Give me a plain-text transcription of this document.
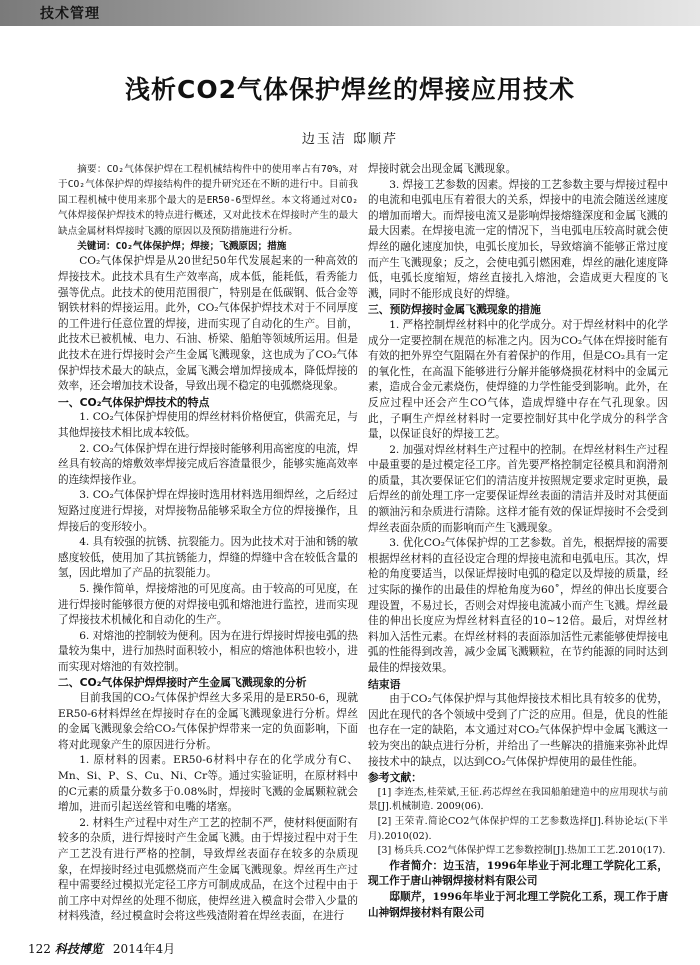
技术管理
浅析CO2气体保护焊丝的焊接应用技术
边玉洁 邸顺芹

摘要：CO₂气体保护焊在工程机械结构件中的使用率占有70%，对于CO₂气体保护焊的焊接结构件的提升研究还在不断的进行中。目前我国工程机械中使用来那个最大的是ER50-6型焊丝。本文将通过对CO₂气体焊接保护焊技术的特点进行概述，又对此技术在焊接时产生的最大缺点金属材料焊接时飞溅的原因以及预防措施进行分析。

关键词：CO₂气体保护焊；焊接；飞溅原因；措施

CO₂气体保护焊是从20世纪50年代发展起来的一种高效的焊接技术。此技术具有生产效率高，成本低，能耗低，看秀能力强等优点。此技术的使用范围很广，特别是在低碳钢、低合金等钢铁材料的焊接运用。此外，CO₂气体保护焊技术对于不同厚度的工件进行任意位置的焊接，进而实现了自动化的生产。目前，此技术已被机械、电力、石油、桥梁、船舶等领域所运用。但是此技术在进行焊接时会产生金属飞溅现象，这也成为了CO₂气体保护焊技术最大的缺点，金属飞溅会增加焊接成本，降低焊接的效率，还会增加技术设备，导致出现不稳定的电弧燃烧现象。

一、CO₂气体保护焊技术的特点

1. CO₂气体保护焊使用的焊丝材料价格便宜，供需充足，与其他焊接技术相比成本较低。

2. CO₂气体保护焊在进行焊接时能够利用高密度的电流，焊丝具有较高的熔敷效率焊接完成后容渣量很少，能够实施高效率的连续焊接作业。

3. CO₂气体保护焊在焊接时选用材料选用细焊丝，之后经过短路过度进行焊接，对焊接物品能够采取全方位的焊接操作，且焊接后的变形较小。

4. 具有较强的抗锈、抗裂能力。因为此技术对于油和锈的敏感度较低，使用加了其抗锈能力，焊缝的焊缝中含在较低含量的氢，因此增加了产品的抗裂能力。

5. 操作简单，焊接熔池的可见度高。由于较高的可见度，在进行焊接时能够很方便的对焊接电弧和熔池进行监控，进而实现了焊接技术机械化和自动化的生产。

6. 对熔池的控制较为便利。因为在进行焊接时焊接电弧的热量较为集中，进行加热时面积较小，相应的熔池体积也较小，进而实现对熔池的有效控制。

二、CO₂气体保护焊焊接时产生金属飞溅现象的分析

目前我国的CO₂气体保护焊丝大多采用的是ER50-6，现就ER50-6材料焊丝在焊接时存在的金属飞溅现象进行分析。焊丝的金属飞溅现象会给CO₂气体保护焊带来一定的负面影响，下面将对此现象产生的原因进行分析。

1. 原材料的因素。ER50-6材料中存在的化学成分有C、Mn、Si、P、S、Cu、Ni、Cr等。通过实验证明，在原材料中的C元素的质量分数多于0.08%时，焊接时飞溅的金属颗粒就会增加，进而引起送丝管和电嘴的堵塞。

2. 材料生产过程中对生产工艺的控制不严，使材料便面附有较多的杂质，进行焊接时产生金属飞溅。由于焊接过程中对于生产工艺没有进行严格的控制，导致焊丝表面存在较多的杂质现象，在焊接时经过电弧燃烧而产生金属飞溅现象。焊丝再生产过程中需要经过模拟光定径工序方可制成成品，在这个过程中由于前工序中对焊丝的处理不彻底，使焊丝进入模盒时会带入少量的材料残渣，经过模盒时会将这些残渣附着在焊丝表面，在进行

焊接时就会出现金属飞溅现象。

3. 焊接工艺参数的因素。焊接的工艺参数主要与焊接过程中的电流和电弧电压有着很大的关系，焊接中的电流会随送丝速度的增加而增大。而焊接电流又是影响焊接熔缝深度和金属飞溅的最大因素。在焊接电流一定的情况下，当电弧电压较高时就会使焊丝的融化速度加快，电弧长度加长，导致熔滴不能够正常过度而产生飞溅现象；反之，会使电弧引燃困难，焊丝的融化速度降低，电弧长度缩短，熔丝直接扎入熔池，会造成更大程度的飞溅，同时不能形成良好的焊缝。

三、预防焊接时金属飞溅现象的措施

1. 严格控制焊丝材料中的化学成分。对于焊丝材料中的化学成分一定要控制在规范的标准之内。因为CO₂气体在焊接时能有有效的把外界空气阻隔在外有着保护的作用，但是CO₂具有一定的氧化性，在高温下能够进行分解并能够烧损花材料中的金属元素，造成合金元素烧伤，使焊缝的力学性能受到影响。此外，在反应过程中还会产生CO气体，造成焊缝中存在气孔现象。因此，子啊生产焊丝材料时一定要控制好其中化学成分的科学含量，以保证良好的焊接工艺。

2. 加强对焊丝材料生产过程中的控制。在焊丝材料生产过程中最重要的是过模定径工序。首先要严格控制定径模具和润滑剂的质量，其次要保证它们的清洁度并按照规定要求定时更换，最后焊丝的前处理工序一定要保证焊丝表面的清洁并及时对其便面的额油污和杂质进行清除。这样才能有效的保证焊接时不会受到焊丝表面杂质的而影响而产生飞溅现象。

3. 优化CO₂气体保护焊的工艺参数。首先，根据焊接的需要根据焊丝材料的直径设定合理的焊接电流和电弧电压。其次，焊枪的角度要适当，以保证焊接时电弧的稳定以及焊接的质量，经过实际的操作的出最佳的焊枪角度为60˚，焊丝的伸出长度要合理设置，不易过长，否则会对焊接电流减小而产生飞溅。焊丝最佳的伸出长度应为焊丝材料直径的10~12倍。最后，对焊丝材料加入活性元素。在焊丝材料的表面添加活性元素能够使焊接电弧的性能得到改善，减少金属飞溅颗粒，在节约能源的同时达到最佳的焊接效果。

结束语

由于CO₂气体保护焊与其他焊接技术相比具有较多的优势，因此在现代的各个领域中受到了广泛的应用。但是，优良的性能也存在一定的缺陷，本文通过对CO₂气体保护焊中金属飞溅这一较为突出的缺点进行分析，并给出了一些解决的措施来弥补此焊接技术中的缺点，以达到CO₂气体保护焊使用的最佳性能。

参考文献：

[1] 李连杰,桂荣斌,王征.药芯焊丝在我国船舶建造中的应用现状与前景[J].机械制造. 2009(06).

[2] 王荣青.简论CO2气体保护焊的工艺参数选择[J].科协论坛(下半月).2010(02).

[3] 杨兵兵.CO2气体保护焊工艺参数控制[J].热加工工艺.2010(17).

作者简介：边玉洁，1996年毕业于河北理工学院化工系，现工作于唐山神钢焊接材料有限公司

邸顺芹，1996年毕业于河北理工学院化工系，现工作于唐山神钢焊接材料有限公司

122 科技博览 2014年4月
